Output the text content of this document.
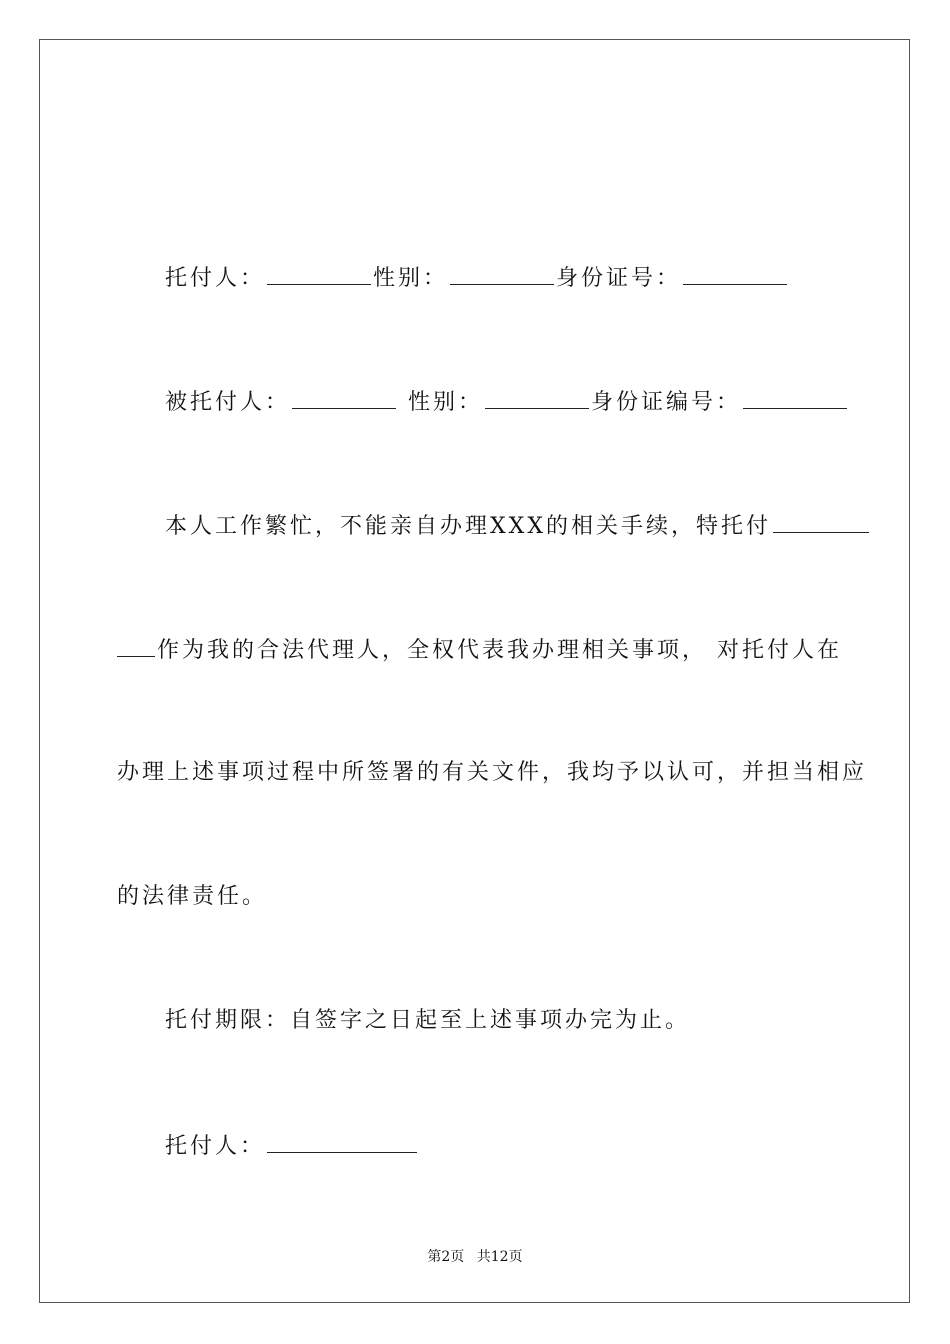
托付人：	性别：	身份证号：
被托付人：	性别：	身份证编号：
本人工作繁忙，不能亲自办理XXX的相关手续，特托付
作为我的合法代理人，全权代表我办理相关事项， 对托付人在
办理上述事项过程中所签署的有关文件，我均予以认可，并担当相应
的法律责任。
托付期限：自签字之日起至上述事项办完为止。
托付人：
第2页 共12页
